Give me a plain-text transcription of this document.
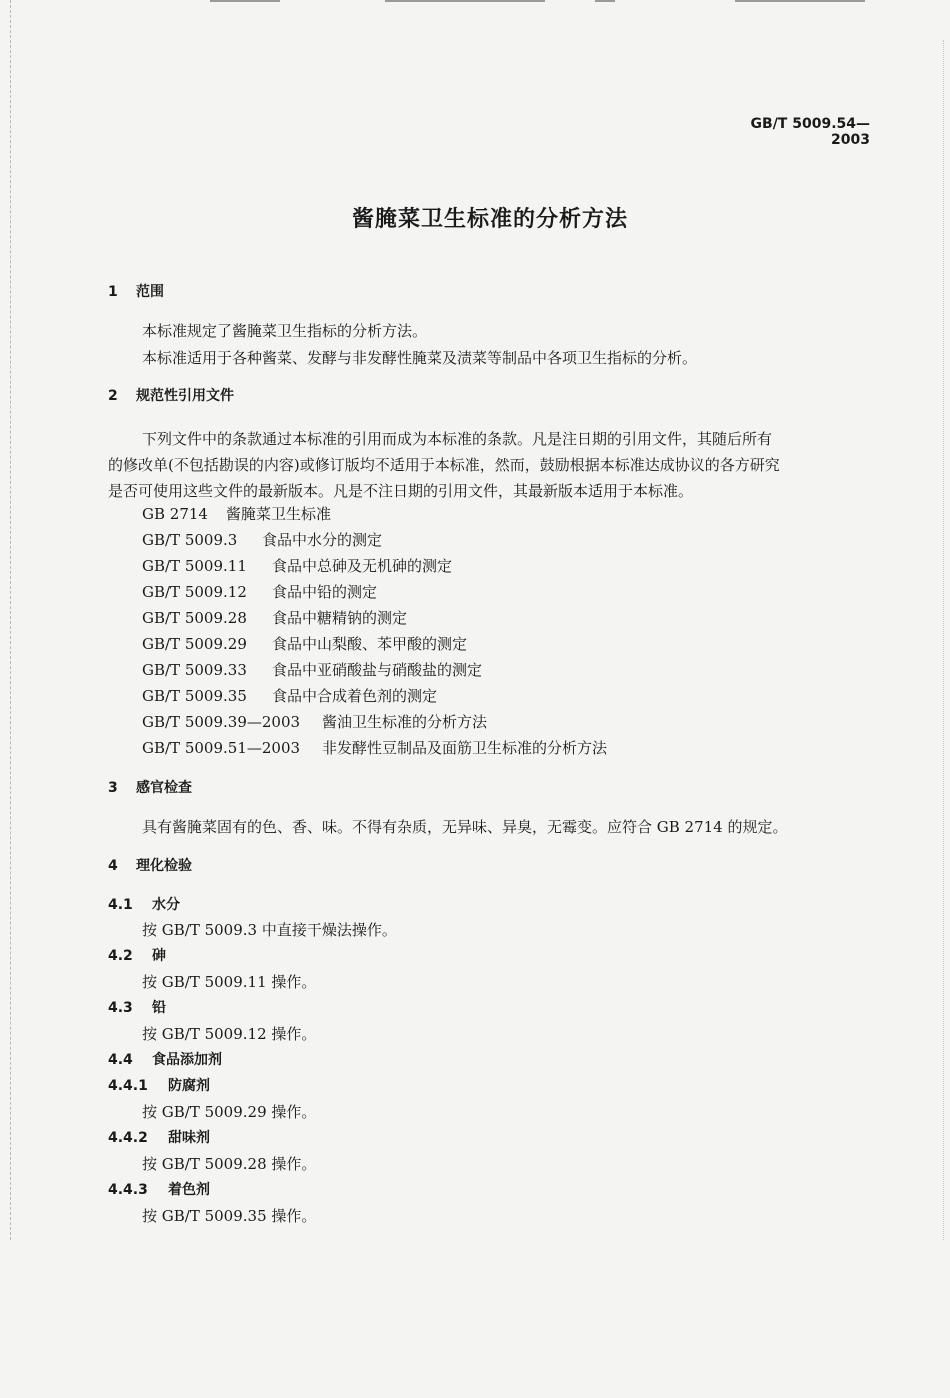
GB/T 5009.54—2003
酱腌菜卫生标准的分析方法
1 范围
本标准规定了酱腌菜卫生指标的分析方法。
本标准适用于各种酱菜、发酵与非发酵性腌菜及渍菜等制品中各项卫生指标的分析。
2 规范性引用文件
下列文件中的条款通过本标准的引用而成为本标准的条款。凡是注日期的引用文件，其随后所有
的修改单(不包括勘误的内容)或修订版均不适用于本标准，然而，鼓励根据本标准达成协议的各方研究
是否可使用这些文件的最新版本。凡是不注日期的引用文件，其最新版本适用于本标准。
GB 2714 酱腌菜卫生标准
GB/T 5009.3 食品中水分的测定
GB/T 5009.11 食品中总砷及无机砷的测定
GB/T 5009.12 食品中铅的测定
GB/T 5009.28 食品中糖精钠的测定
GB/T 5009.29 食品中山梨酸、苯甲酸的测定
GB/T 5009.33 食品中亚硝酸盐与硝酸盐的测定
GB/T 5009.35 食品中合成着色剂的测定
GB/T 5009.39—2003 酱油卫生标准的分析方法
GB/T 5009.51—2003 非发酵性豆制品及面筋卫生标准的分析方法
3 感官检查
具有酱腌菜固有的色、香、味。不得有杂质，无异味、异臭，无霉变。应符合 GB 2714 的规定。
4 理化检验
4.1 水分
按 GB/T 5009.3 中直接干燥法操作。
4.2 砷
按 GB/T 5009.11 操作。
4.3 铅
按 GB/T 5009.12 操作。
4.4 食品添加剂
4.4.1 防腐剂
按 GB/T 5009.29 操作。
4.4.2 甜味剂
按 GB/T 5009.28 操作。
4.4.3 着色剂
按 GB/T 5009.35 操作。
